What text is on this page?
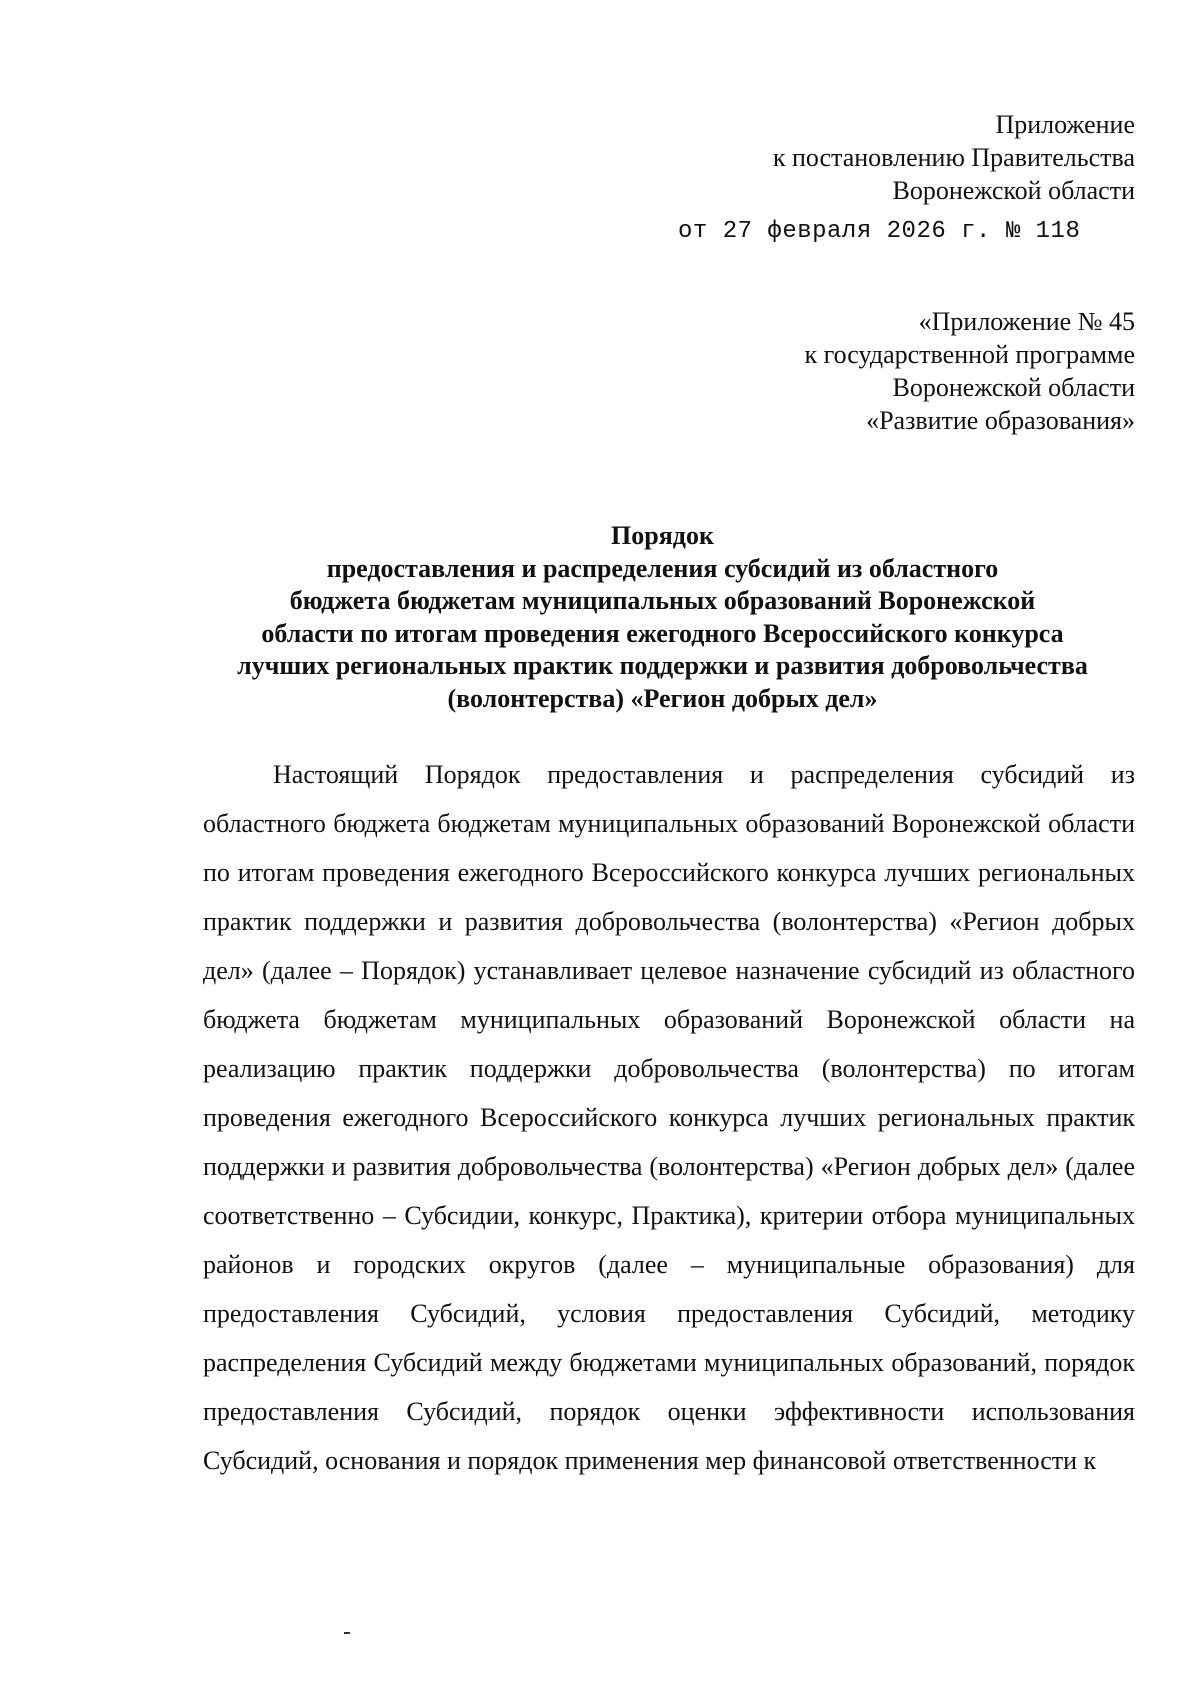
Приложение
к постановлению Правительства
Воронежской области
от 27 февраля 2026 г. № 118
«Приложение № 45
к государственной программе
Воронежской области
«Развитие образования»
Порядок
предоставления и распределения субсидий из областного
бюджета бюджетам муниципальных образований Воронежской
области по итогам проведения ежегодного Всероссийского конкурса
лучших региональных практик поддержки и развития добровольчества
(волонтерства) «Регион добрых дел»

Настоящий Порядок предоставления и распределения субсидий из областного бюджета бюджетам муниципальных образований Воронежской области по итогам проведения ежегодного Всероссийского конкурса лучших региональных практик поддержки и развития добровольчества (волонтерства) «Регион добрых дел» (далее – Порядок) устанавливает целевое назначение субсидий из областного бюджета бюджетам муниципальных образований Воронежской области на реализацию практик поддержки добровольчества (волонтерства) по итогам проведения ежегодного Всероссийского конкурса лучших региональных практик поддержки и развития добровольчества (волонтерства) «Регион добрых дел» (далее соответственно – Субсидии, конкурс, Практика), критерии отбора муниципальных районов и городских округов (далее – муниципальные образования) для предоставления Субсидий, условия предоставления Субсидий, методику распределения Субсидий между бюджетами муниципальных образований, порядок предоставления Субсидий, порядок оценки эффективности использования Субсидий, основания и порядок применения мер финансовой ответственности к
